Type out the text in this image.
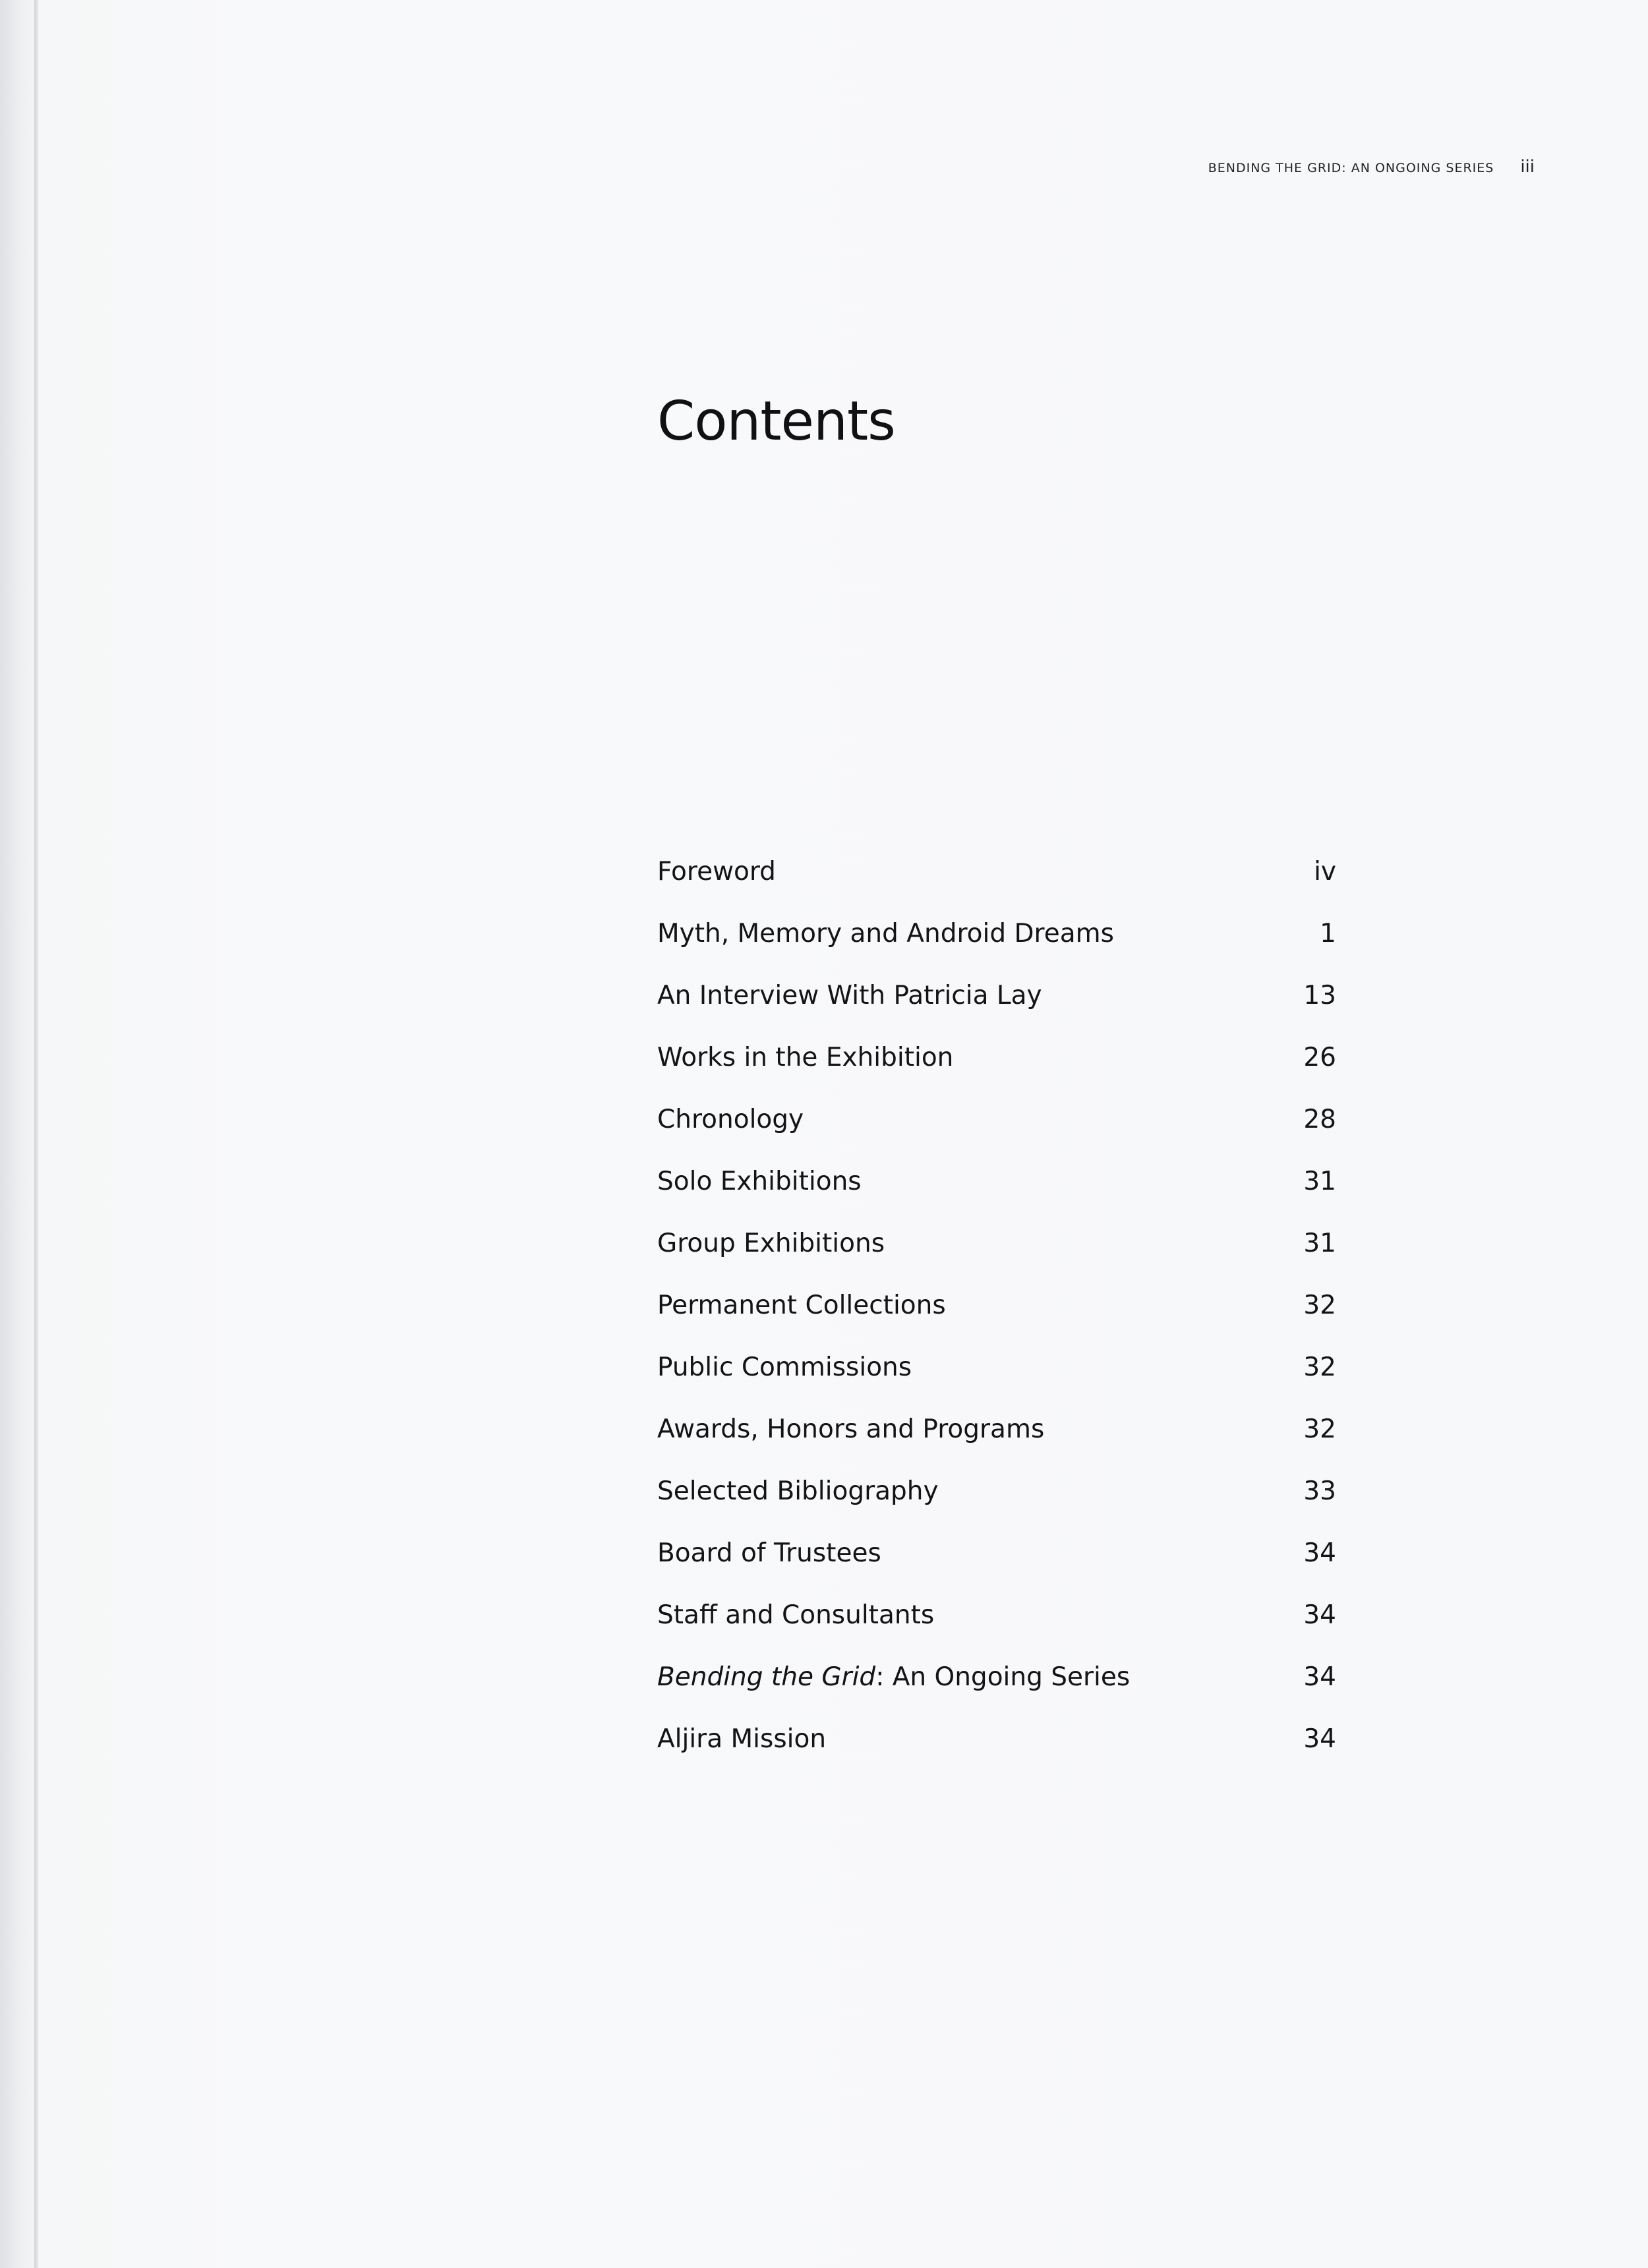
BENDING THE GRID: AN ONGOING SERIES iii
Contents
Foreword	iv
Myth, Memory and Android Dreams	1
An Interview With Patricia Lay	13
Works in the Exhibition	26
Chronology	28
Solo Exhibitions	31
Group Exhibitions	31
Permanent Collections	32
Public Commissions	32
Awards, Honors and Programs	32
Selected Bibliography	33
Board of Trustees	34
Staff and Consultants	34
Bending the Grid: An Ongoing Series	34
Aljira Mission	34
